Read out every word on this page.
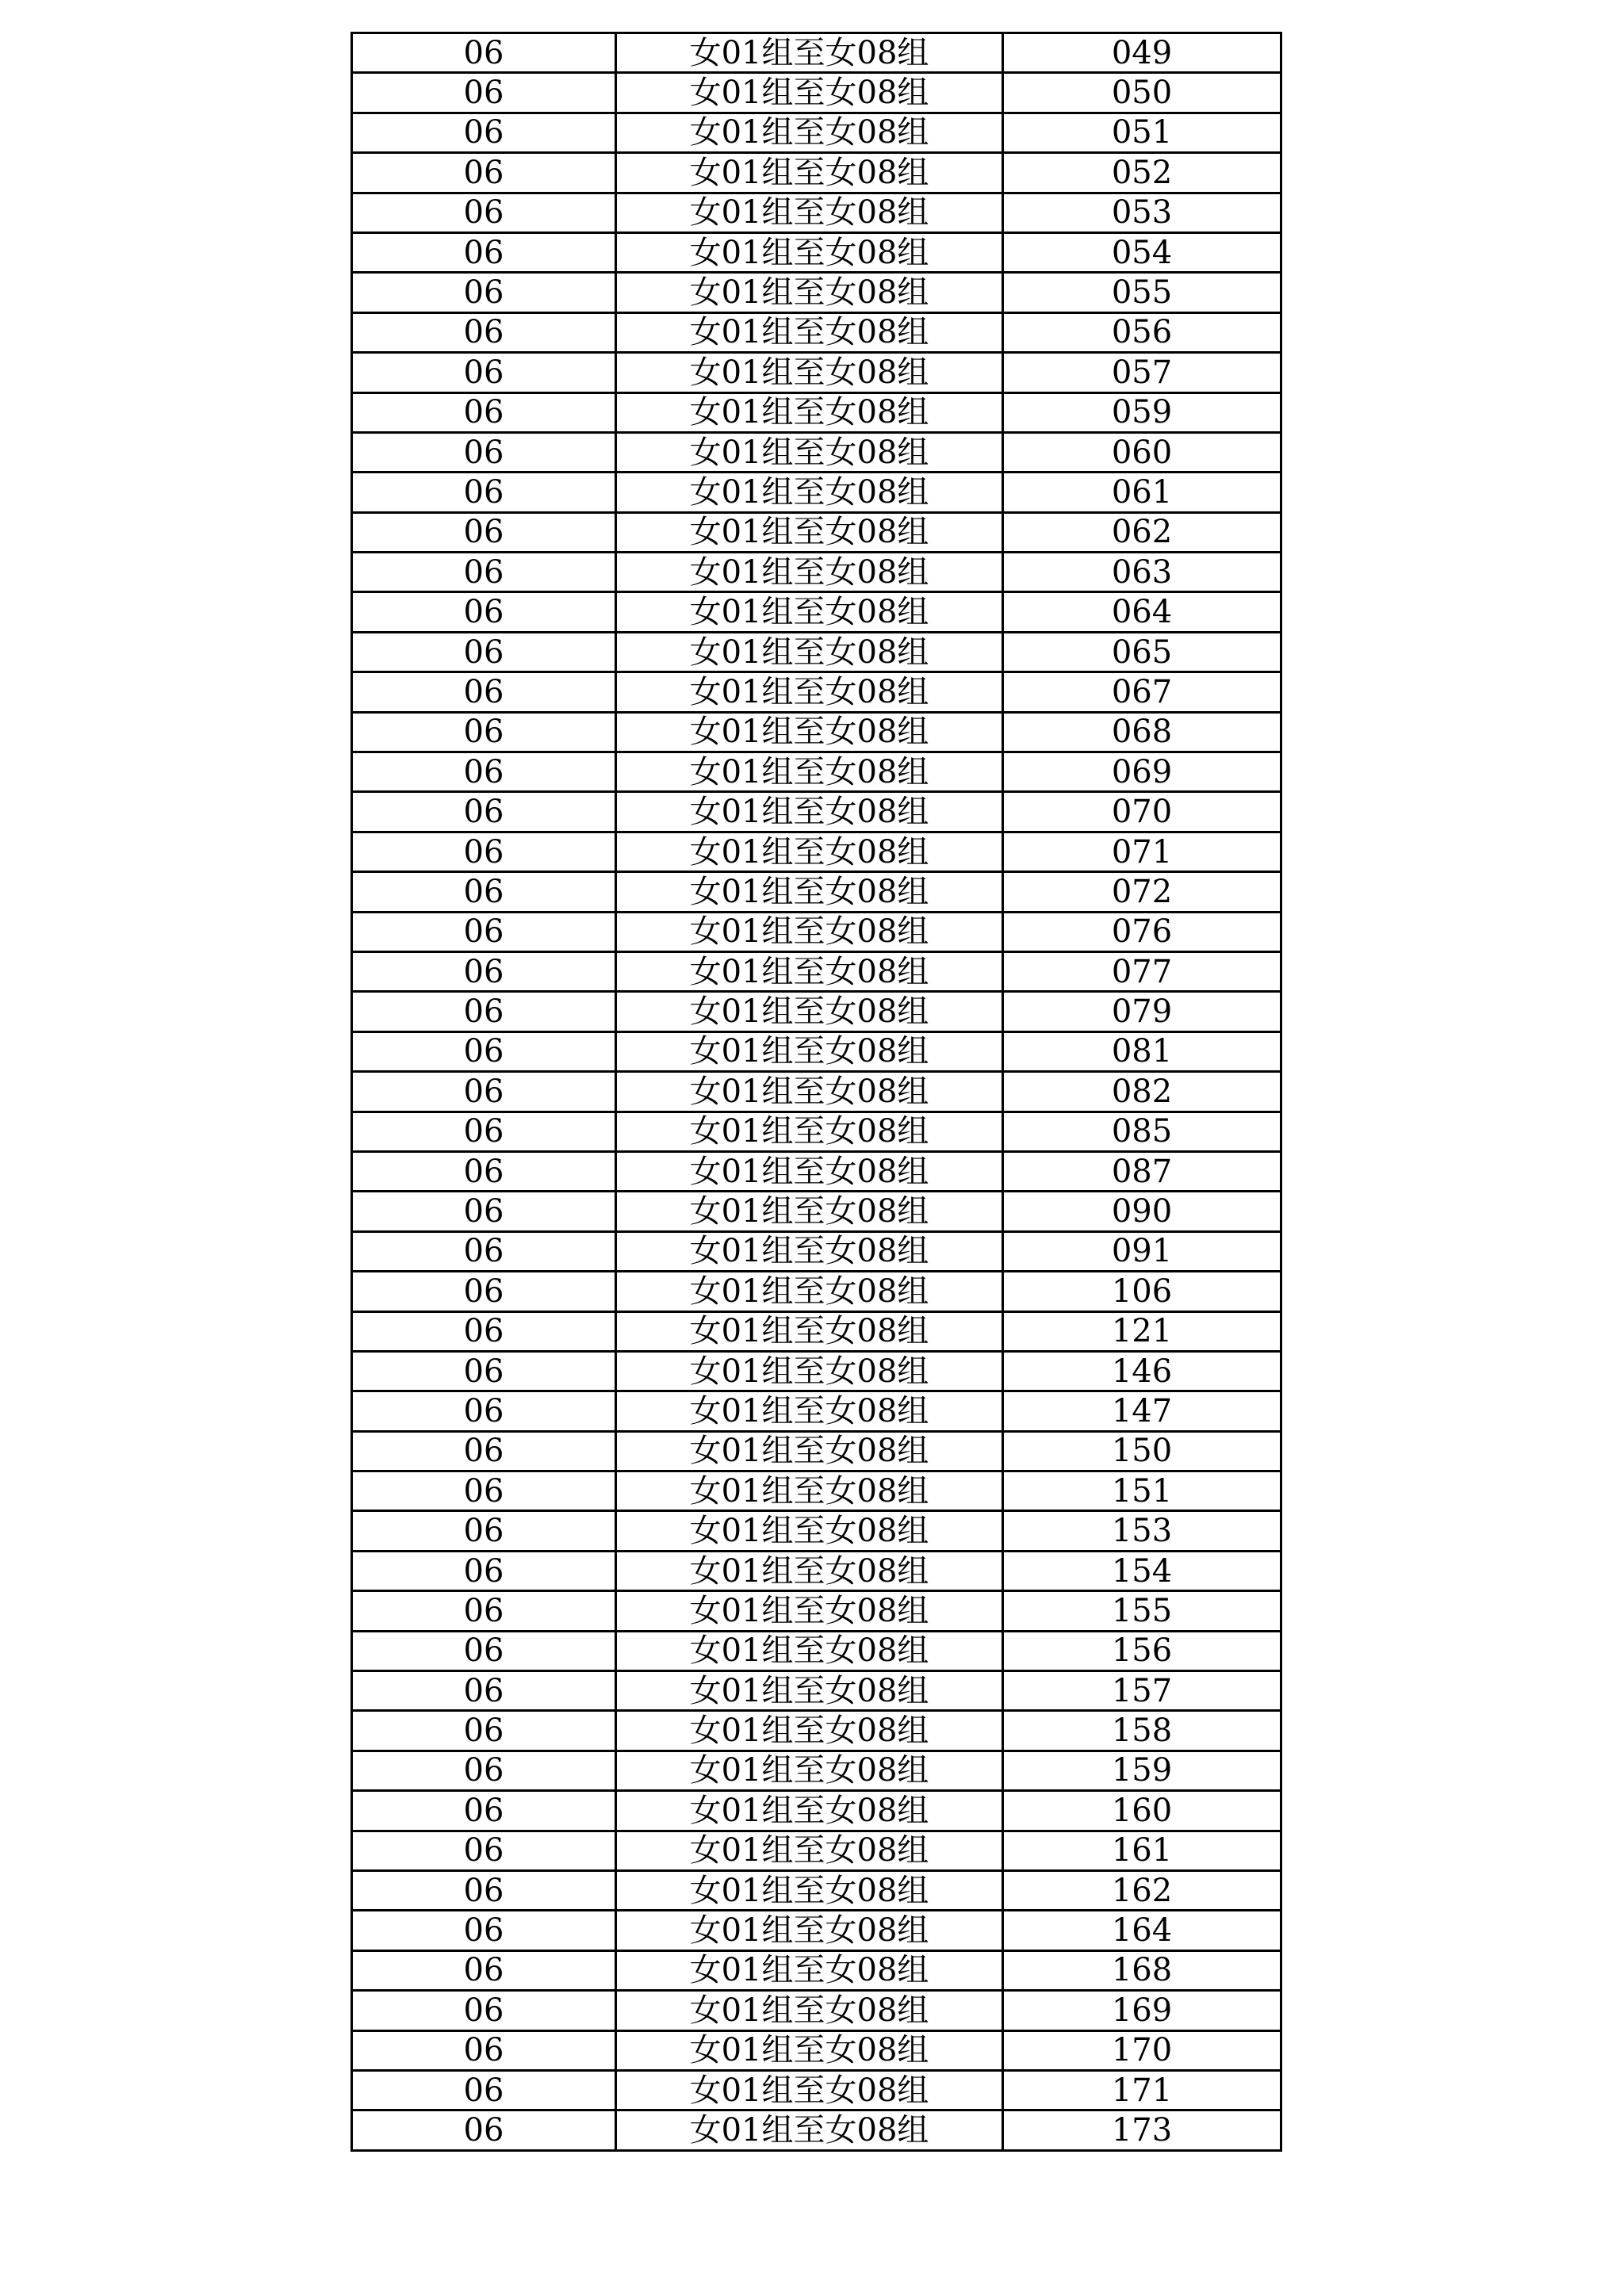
06	女01组至女08组	049
06	女01组至女08组	050
06	女01组至女08组	051
06	女01组至女08组	052
06	女01组至女08组	053
06	女01组至女08组	054
06	女01组至女08组	055
06	女01组至女08组	056
06	女01组至女08组	057
06	女01组至女08组	059
06	女01组至女08组	060
06	女01组至女08组	061
06	女01组至女08组	062
06	女01组至女08组	063
06	女01组至女08组	064
06	女01组至女08组	065
06	女01组至女08组	067
06	女01组至女08组	068
06	女01组至女08组	069
06	女01组至女08组	070
06	女01组至女08组	071
06	女01组至女08组	072
06	女01组至女08组	076
06	女01组至女08组	077
06	女01组至女08组	079
06	女01组至女08组	081
06	女01组至女08组	082
06	女01组至女08组	085
06	女01组至女08组	087
06	女01组至女08组	090
06	女01组至女08组	091
06	女01组至女08组	106
06	女01组至女08组	121
06	女01组至女08组	146
06	女01组至女08组	147
06	女01组至女08组	150
06	女01组至女08组	151
06	女01组至女08组	153
06	女01组至女08组	154
06	女01组至女08组	155
06	女01组至女08组	156
06	女01组至女08组	157
06	女01组至女08组	158
06	女01组至女08组	159
06	女01组至女08组	160
06	女01组至女08组	161
06	女01组至女08组	162
06	女01组至女08组	164
06	女01组至女08组	168
06	女01组至女08组	169
06	女01组至女08组	170
06	女01组至女08组	171
06	女01组至女08组	173
